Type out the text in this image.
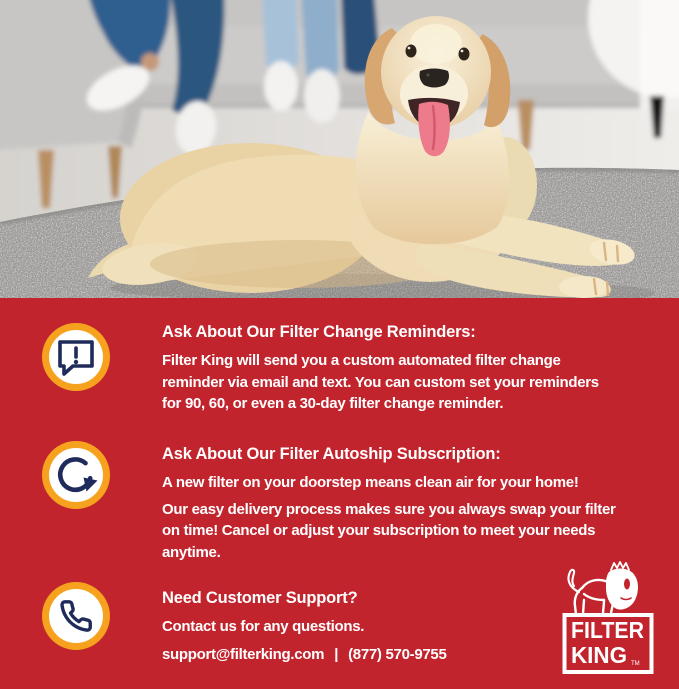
Ask About Our Filter Change Reminders:
Filter King will send you a custom automated filter change
reminder via email and text. You can custom set your reminders
for 90, 60, or even a 30-day filter change reminder.
Ask About Our Filter Autoship Subscription:
A new filter on your doorstep means clean air for your home!
Our easy delivery process makes sure you always swap your filter
on time! Cancel or adjust your subscription to meet your needs
anytime.
Need Customer Support?
Contact us for any questions.
support@filterking.com | (877) 570-9755
FILTER
KING TM
